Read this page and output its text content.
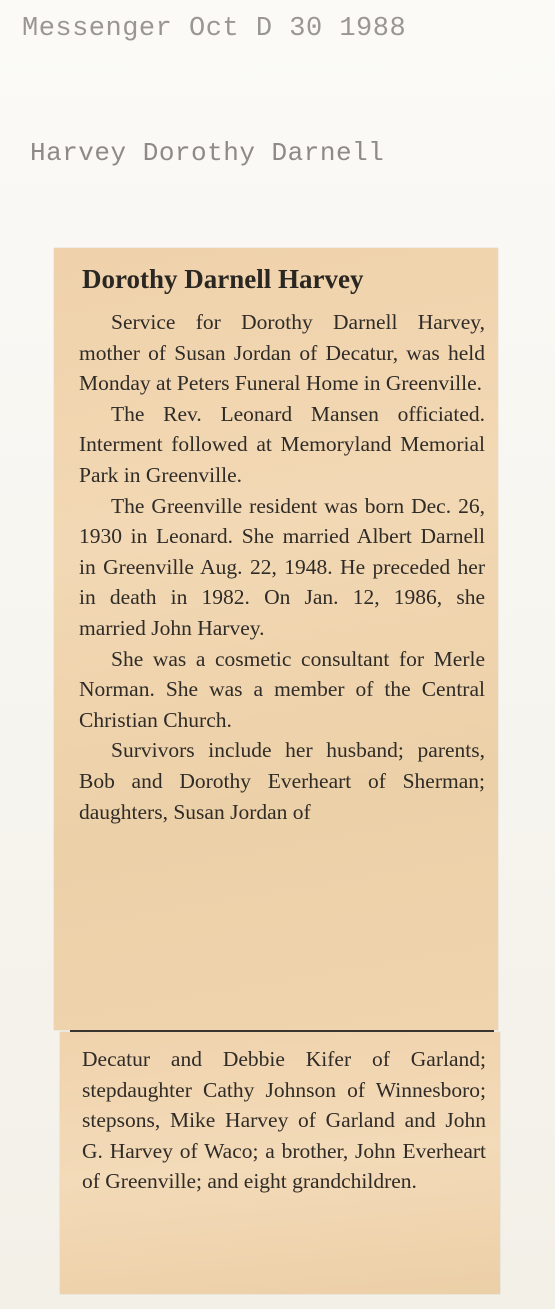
Messenger Oct D 30 1988
Harvey Dorothy Darnell
Dorothy Darnell Harvey

Service for Dorothy Darnell Harvey, mother of Susan Jordan of Decatur, was held Monday at Peters Funeral Home in Greenville.

The Rev. Leonard Mansen officiated. Interment followed at Memoryland Memorial Park in Greenville.

The Greenville resident was born Dec. 26, 1930 in Leonard. She married Albert Darnell in Greenville Aug. 22, 1948. He preceded her in death in 1982. On Jan. 12, 1986, she married John Harvey.

She was a cosmetic consultant for Merle Norman. She was a member of the Central Christian Church.

Survivors include her husband; parents, Bob and Dorothy Everheart of Sherman; daughters, Susan Jordan of

Decatur and Debbie Kifer of Garland; stepdaughter Cathy Johnson of Winnesboro; stepsons, Mike Harvey of Garland and John G. Harvey of Waco; a brother, John Everheart of Greenville; and eight grandchildren.
